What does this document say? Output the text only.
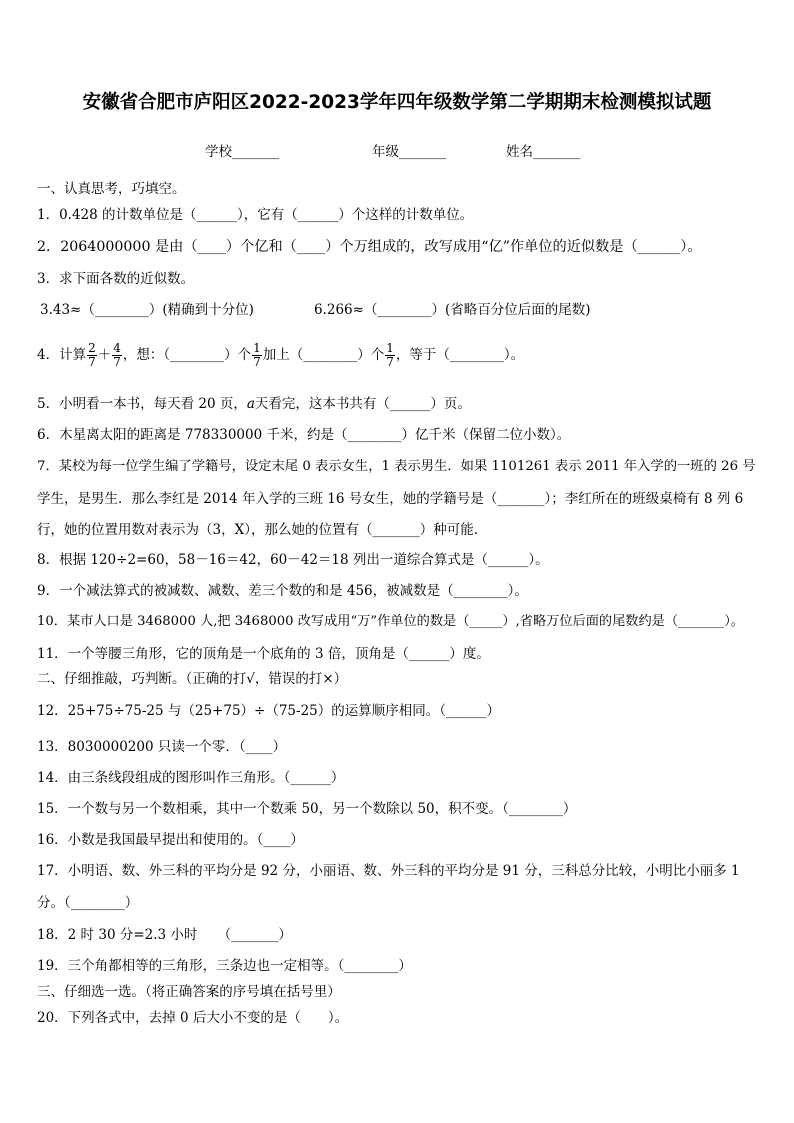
安徽省合肥市庐阳区2022-2023学年四年级数学第二学期期末检测模拟试题
学校_______	年级_______	姓名_______
一、认真思考，巧填空。
1．0.428 的计数单位是（______），它有（______）个这样的计数单位。
2．2064000000 是由（____）个亿和（____）个万组成的，改写成用“亿”作单位的近似数是（______）。
3．求下面各数的近似数。
3.43≈（________）(精确到十分位)	6.266≈（________）(省略百分位后面的尾数)
4．计算 $\frac{2}{7} + \frac{4}{7}$ ，想：（________）个 $\frac{1}{7}$ 加上（________）个 $\frac{1}{7}$ ，等于（________）。
5．小明看一本书，每天看 20 页，a天看完，这本书共有（______）页。
6．木星离太阳的距离是 778330000 千米，约是（________）亿千米（保留二位小数）。
7．某校为每一位学生编了学籍号，设定末尾 0 表示女生，1 表示男生．如果 1101261 表示 2011 年入学的一班的 26 号
学生，是男生．那么李红是 2014 年入学的三班 16 号女生，她的学籍号是（_______）；李红所在的班级桌椅有 8 列 6
行，她的位置用数对表示为（3，X），那么她的位置有（_______）种可能.
8．根据 120÷2=60，58－16＝42，60－42＝18 列出一道综合算式是（______）。
9．一个减法算式的被减数、减数、差三个数的和是 456，被减数是（________）。
10．某市人口是 3468000 人,把 3468000 改写成用“万”作单位的数是（_____）,省略万位后面的尾数约是（_______）。
11．一个等腰三角形，它的顶角是一个底角的 3 倍，顶角是（______）度。
二、仔细推敲，巧判断。（正确的打√，错误的打×）
12．25+75÷75-25 与（25+75）÷（75-25）的运算顺序相同。（______）
13．8030000200 只读一个零．（____）
14．由三条线段组成的图形叫作三角形。（______）
15．一个数与另一个数相乘，其中一个数乘 50，另一个数除以 50，积不变。（________）
16．小数是我国最早提出和使用的。（____）
17．小明语、数、外三科的平均分是 92 分，小丽语、数、外三科的平均分是 91 分，三科总分比较，小明比小丽多 1
分。（________）
18．2 时 30 分=2.3 小时　　（_______）
19．三个角都相等的三角形，三条边也一定相等。（________）
三、仔细选一选。（将正确答案的序号填在括号里）
20．下列各式中，去掉 0 后大小不变的是（　　）。
